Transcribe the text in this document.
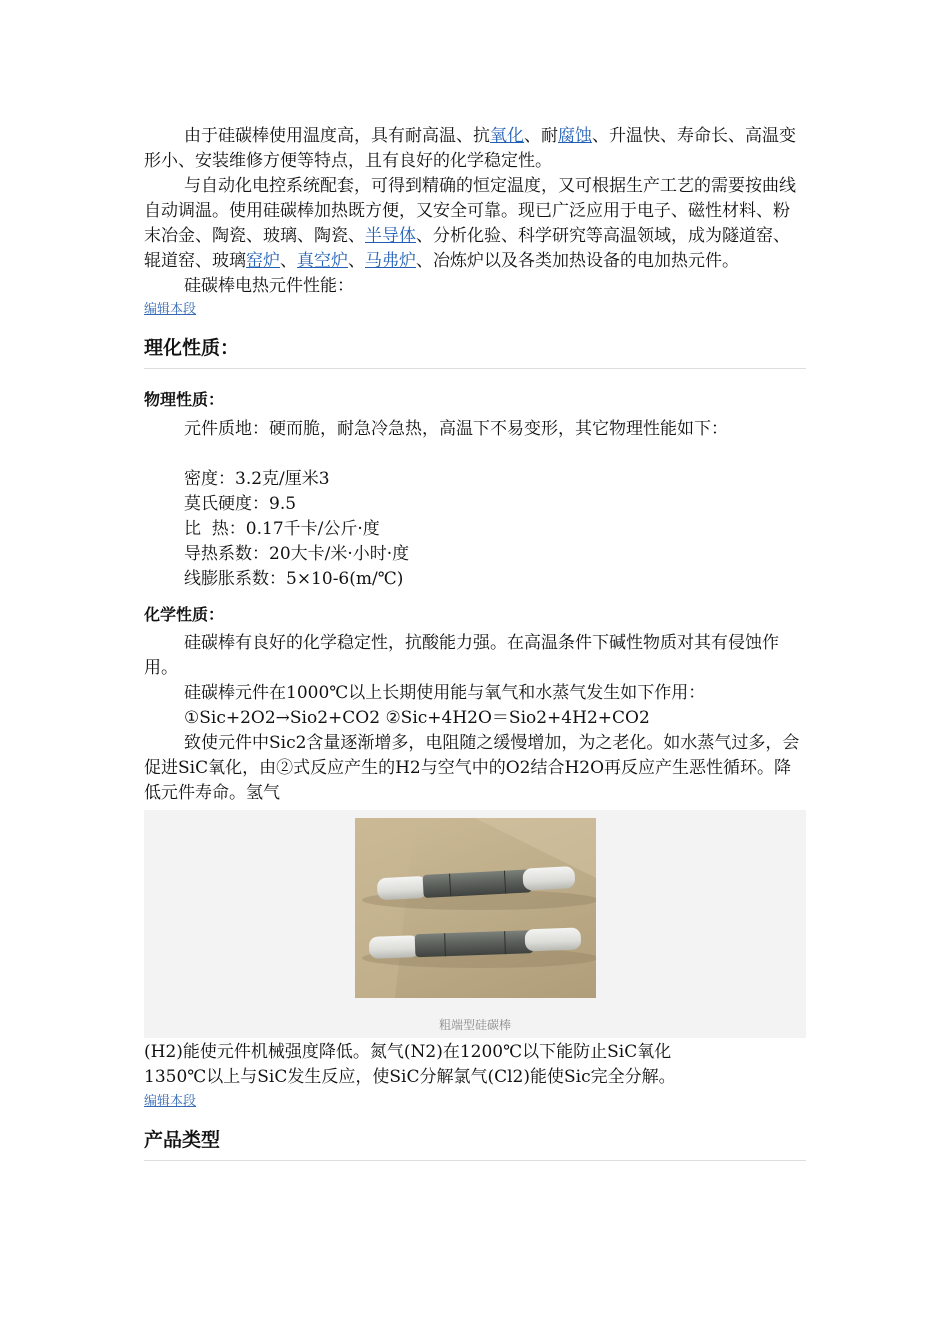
由于硅碳棒使用温度高，具有耐高温、抗氧化、耐腐蚀、升温快、寿命长、高温变形小、安装维修方便等特点，且有良好的化学稳定性。

与自动化电控系统配套，可得到精确的恒定温度，又可根据生产工艺的需要按曲线自动调温。使用硅碳棒加热既方便，又安全可靠。现已广泛应用于电子、磁性材料、粉末冶金、陶瓷、玻璃、陶瓷、半导体、分析化验、科学研究等高温领域，成为隧道窑、辊道窑、玻璃窑炉、真空炉、马弗炉、冶炼炉以及各类加热设备的电加热元件。

硅碳棒电热元件性能：

编辑本段
理化性质：
物理性质：

元件质地：硬而脆，耐急冷急热，高温下不易变形，其它物理性能如下：

密度：3.2克/厘米3
莫氏硬度：9.5
比  热：0.17千卡/公斤·度
导热系数：20大卡/米·小时·度
线膨胀系数：5×10-6(m/℃)
化学性质：

硅碳棒有良好的化学稳定性，抗酸能力强。在高温条件下碱性物质对其有侵蚀作用。

硅碳棒元件在1000℃以上长期使用能与氧气和水蒸气发生如下作用：

①Sic+2O2→Sio2+CO2 ②Sic+4H2O＝Sio2+4H2+CO2

致使元件中Sic2含量逐渐增多，电阻随之缓慢增加，为之老化。如水蒸气过多，会促进SiC氧化，由②式反应产生的H2与空气中的O2结合H2O再反应产生恶性循环。降低元件寿命。氢气

粗端型硅碳棒

(H2)能使元件机械强度降低。氮气(N2)在1200℃以下能防止SiC氧化

1350℃以上与SiC发生反应，使SiC分解氯气(Cl2)能使Sic完全分解。

编辑本段
产品类型
